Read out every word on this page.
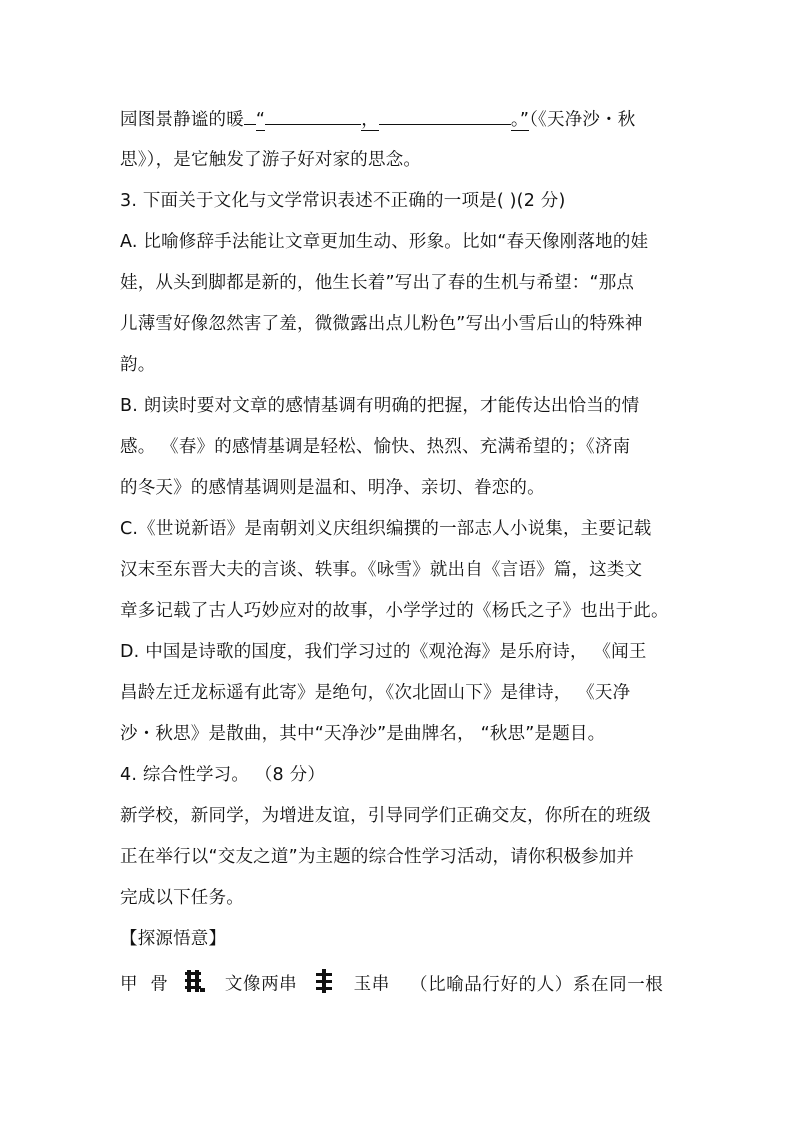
园图景静谧的暖 “	，	。”（《天净沙・秋
思》），是它触发了游子好对家的思念。
3. 下面关于文化与文学常识表述不正确的一项是( )(2 分)
A. 比喻修辞手法能让文章更加生动、形象。比如“春天像刚落地的娃
娃，从头到脚都是新的，他生长着”写出了春的生机与希望：“那点
儿薄雪好像忽然害了羞，微微露出点儿粉色”写出小雪后山的特殊神
韵。
B. 朗读时要对文章的感情基调有明确的把握，才能传达出恰当的情
感。 《春》的感情基调是轻松、愉快、热烈、充满希望的；《济南
的冬天》的感情基调则是温和、明净、亲切、眷恋的。
C.《世说新语》是南朝刘义庆组织编撰的一部志人小说集，主要记载
汉末至东晋大夫的言谈、轶事。《咏雪》就出自《言语》篇，这类文
章多记载了古人巧妙应对的故事，小学学过的《杨氏之子》也出于此。
D. 中国是诗歌的国度，我们学习过的《观沧海》是乐府诗， 《闻王
昌龄左迁龙标遥有此寄》是绝句，《次北固山下》是律诗， 《天净
沙・秋思》是散曲，其中“天净沙”是曲牌名， “秋思”是题目。
4. 综合性学习。 （8 分）
新学校，新同学，为增进友谊，引导同学们正确交友，你所在的班级
正在举行以“交友之道”为主题的综合性学习活动，请你积极参加并
完成以下任务。
【探源悟意】
甲  骨	文像两串	玉串 （比喻品行好的人）系在同一根
